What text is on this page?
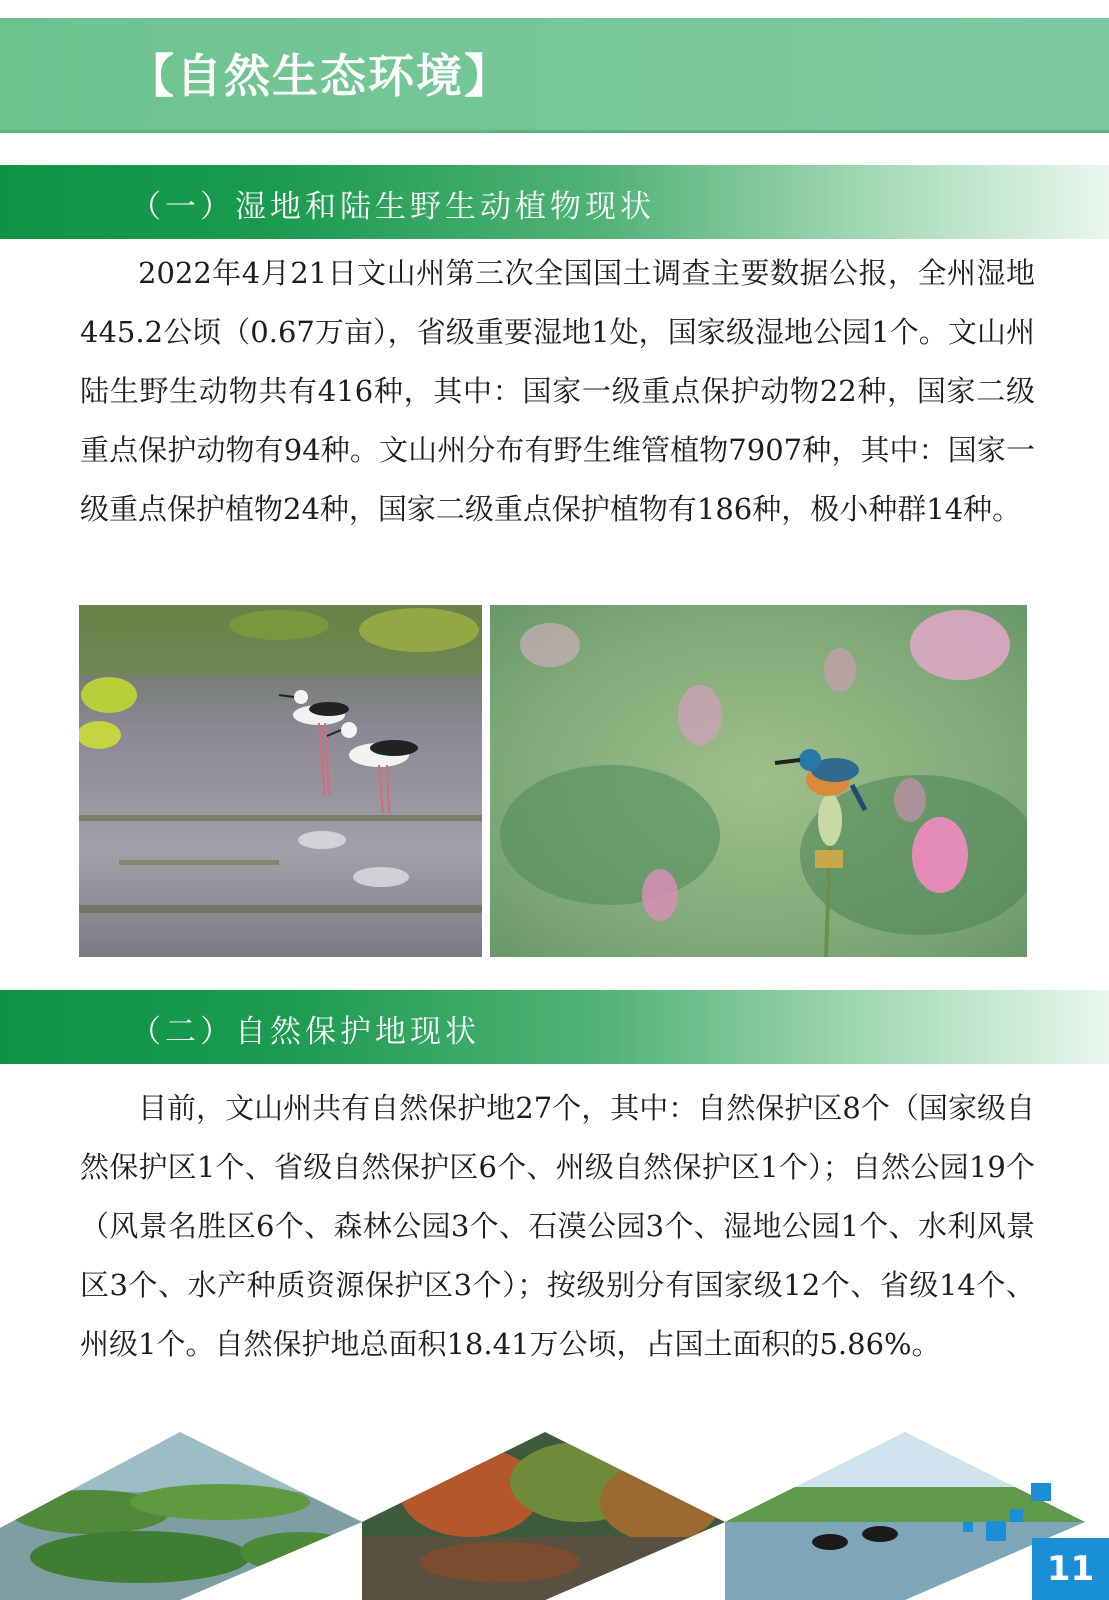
【自然生态环境】
（一）湿地和陆生野生动植物现状
2022年4月21日文山州第三次全国国土调查主要数据公报，全州湿地445.2公顷（0.67万亩），省级重要湿地1处，国家级湿地公园1个。文山州陆生野生动物共有416种，其中：国家一级重点保护动物22种，国家二级重点保护动物有94种。文山州分布有野生维管植物7907种，其中：国家一级重点保护植物24种，国家二级重点保护植物有186种，极小种群14种。
（二）自然保护地现状
目前，文山州共有自然保护地27个，其中：自然保护区8个（国家级自然保护区1个、省级自然保护区6个、州级自然保护区1个）；自然公园19个（风景名胜区6个、森林公园3个、石漠公园3个、湿地公园1个、水利风景区3个、水产种质资源保护区3个）；按级别分有国家级12个、省级14个、州级1个。自然保护地总面积18.41万公顷，占国土面积的5.86%。
11
